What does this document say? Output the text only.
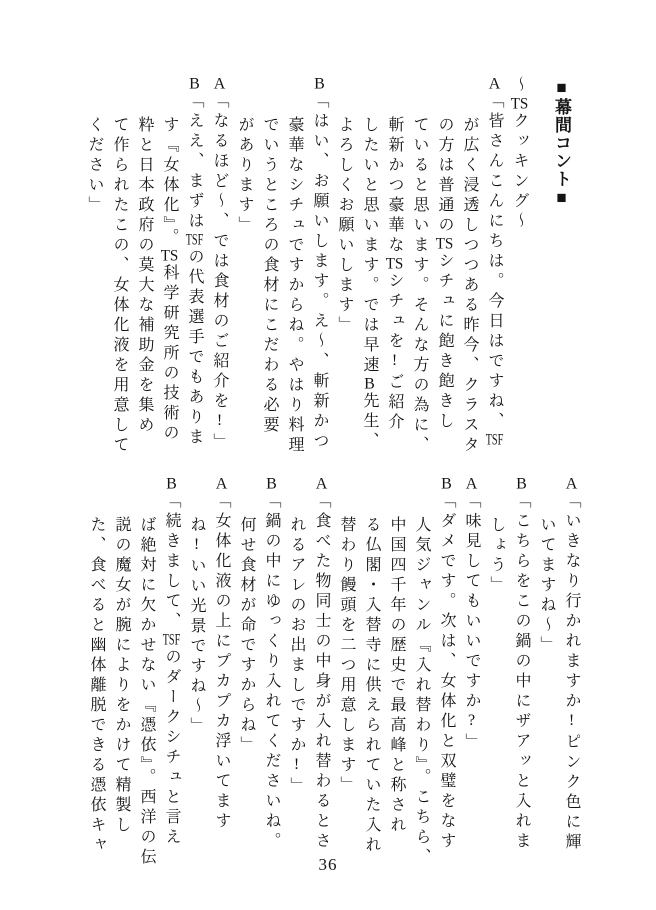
■幕間コント■

〜TSクッキング〜

A「皆さんこんにちは。今日はですね、TSF

が広く浸透しつつある昨今、クラスタ

の方は普通のTSシチュに飽き飽きし

ていると思います。そんな方の為に、

斬新かつ豪華なTSシチュを!ご紹介

したいと思います。では早速B先生、

よろしくお願いします」

B「はい、お願いします。え〜、斬新かつ

豪華なシチュですからね。やはり料理

でいうところの食材にこだわる必要

があります」

A「なるほど〜、では食材のご紹介を!」

B「ええ、まずはTSFの代表選手でもありま

す『女体化』。TS科学研究所の技術の

粋と日本政府の莫大な補助金を集め

て作られたこの、女体化液を用意して

ください」

A「いきなり行かれますか!ピンク色に輝

いてますね〜」

B「こちらをこの鍋の中にザアッと入れま

しょう」

A「味見してもいいですか?」

B「ダメです。次は、女体化と双璧をなす

人気ジャンル『入れ替わり』。こちら、

中国四千年の歴史で最高峰と称され

る仏閣・入替寺に供えられていた入れ

替わり饅頭を二つ用意します」

A「食べた物同士の中身が入れ替わるとさ

れるアレのお出ましですか!」

B「鍋の中にゆっくり入れてくださいね。

何せ食材が命ですからね」

A「女体化液の上にプカプカ浮いてます

ね!いい光景ですね〜」

B「続きまして、TSFのダークシチュと言え

ば絶対に欠かせない『憑依』。西洋の伝

説の魔女が腕によりをかけて精製し

た、食べると幽体離脱できる憑依キャ

36
